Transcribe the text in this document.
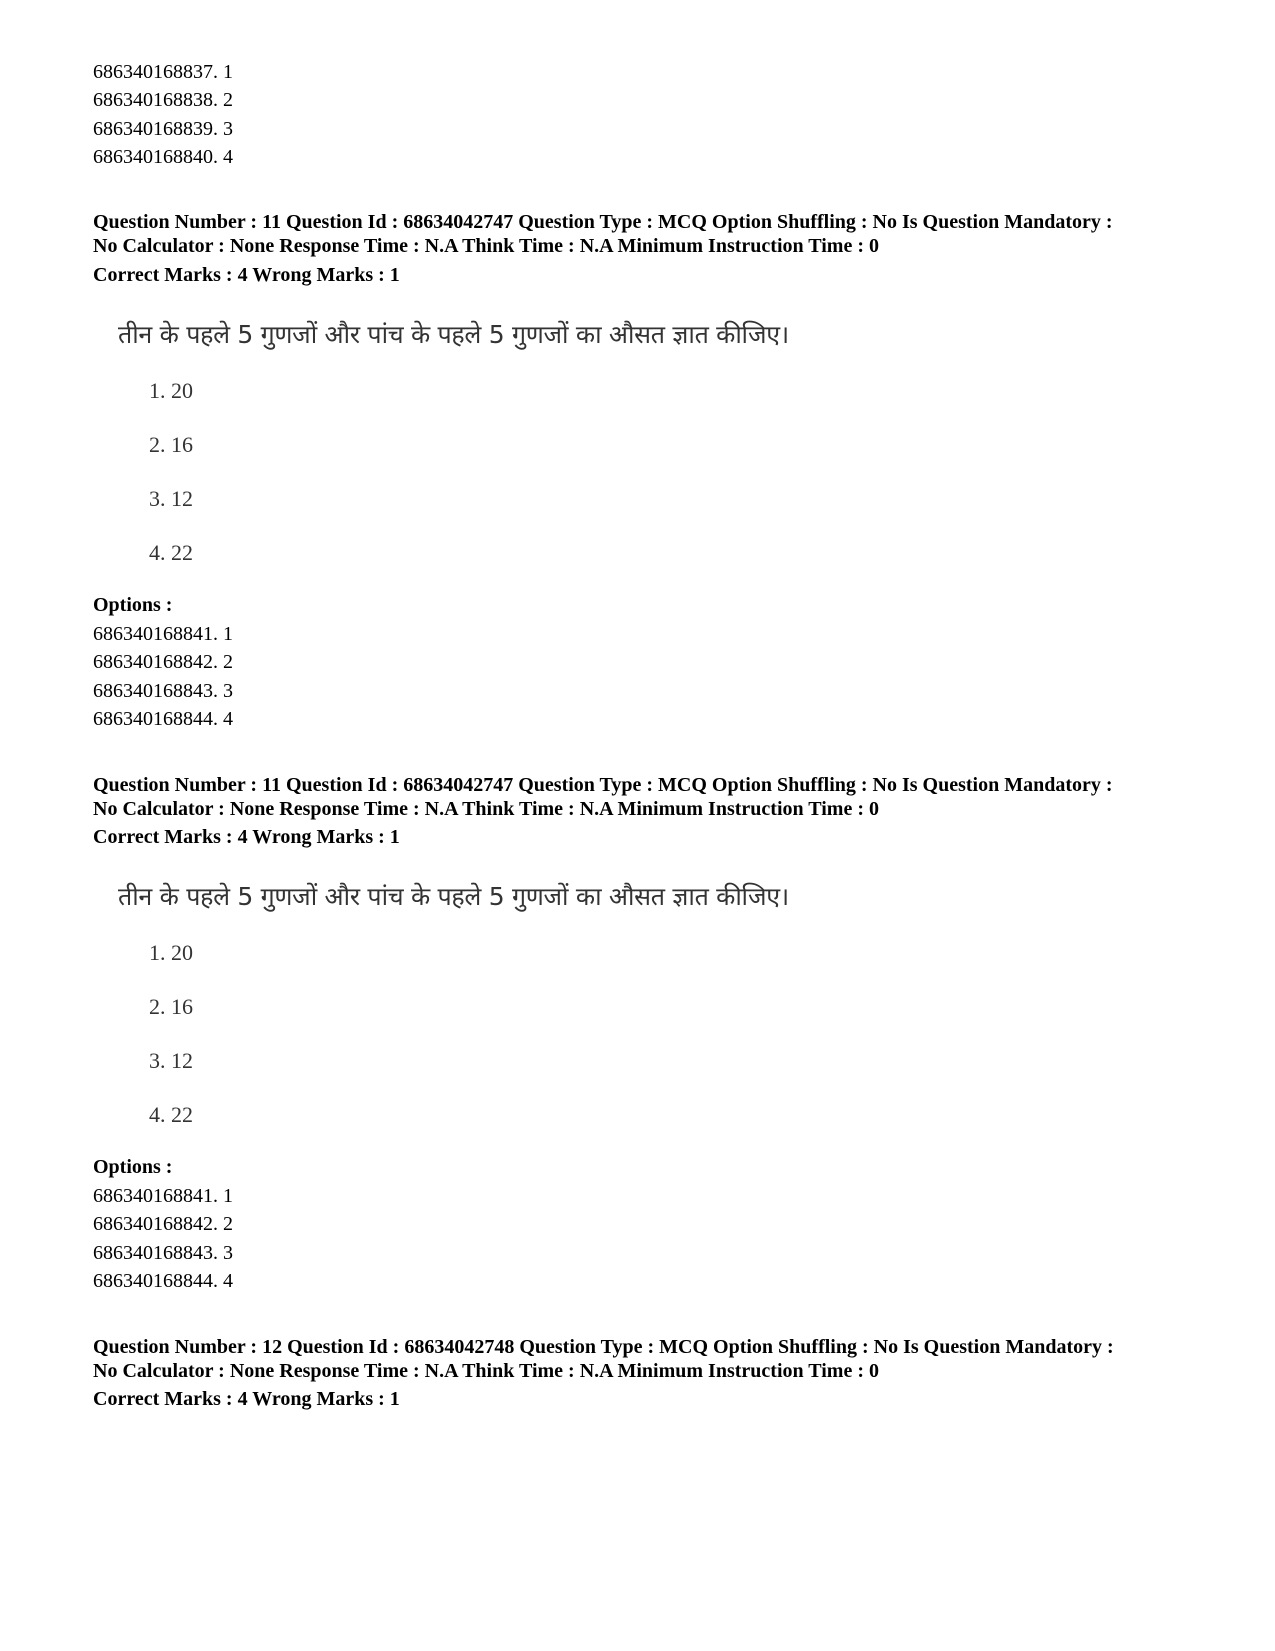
686340168837. 1
686340168838. 2
686340168839. 3
686340168840. 4
Question Number : 11 Question Id : 68634042747 Question Type : MCQ Option Shuffling : No Is Question Mandatory :
No Calculator : None Response Time : N.A Think Time : N.A Minimum Instruction Time : 0
Correct Marks : 4 Wrong Marks : 1
तीन के पहले 5 गुणजों और पांच के पहले 5 गुणजों का औसत ज्ञात कीजिए।
1. 20
2. 16
3. 12
4. 22
Options :
686340168841. 1
686340168842. 2
686340168843. 3
686340168844. 4
Question Number : 11 Question Id : 68634042747 Question Type : MCQ Option Shuffling : No Is Question Mandatory :
No Calculator : None Response Time : N.A Think Time : N.A Minimum Instruction Time : 0
Correct Marks : 4 Wrong Marks : 1
तीन के पहले 5 गुणजों और पांच के पहले 5 गुणजों का औसत ज्ञात कीजिए।
1. 20
2. 16
3. 12
4. 22
Options :
686340168841. 1
686340168842. 2
686340168843. 3
686340168844. 4
Question Number : 12 Question Id : 68634042748 Question Type : MCQ Option Shuffling : No Is Question Mandatory :
No Calculator : None Response Time : N.A Think Time : N.A Minimum Instruction Time : 0
Correct Marks : 4 Wrong Marks : 1
